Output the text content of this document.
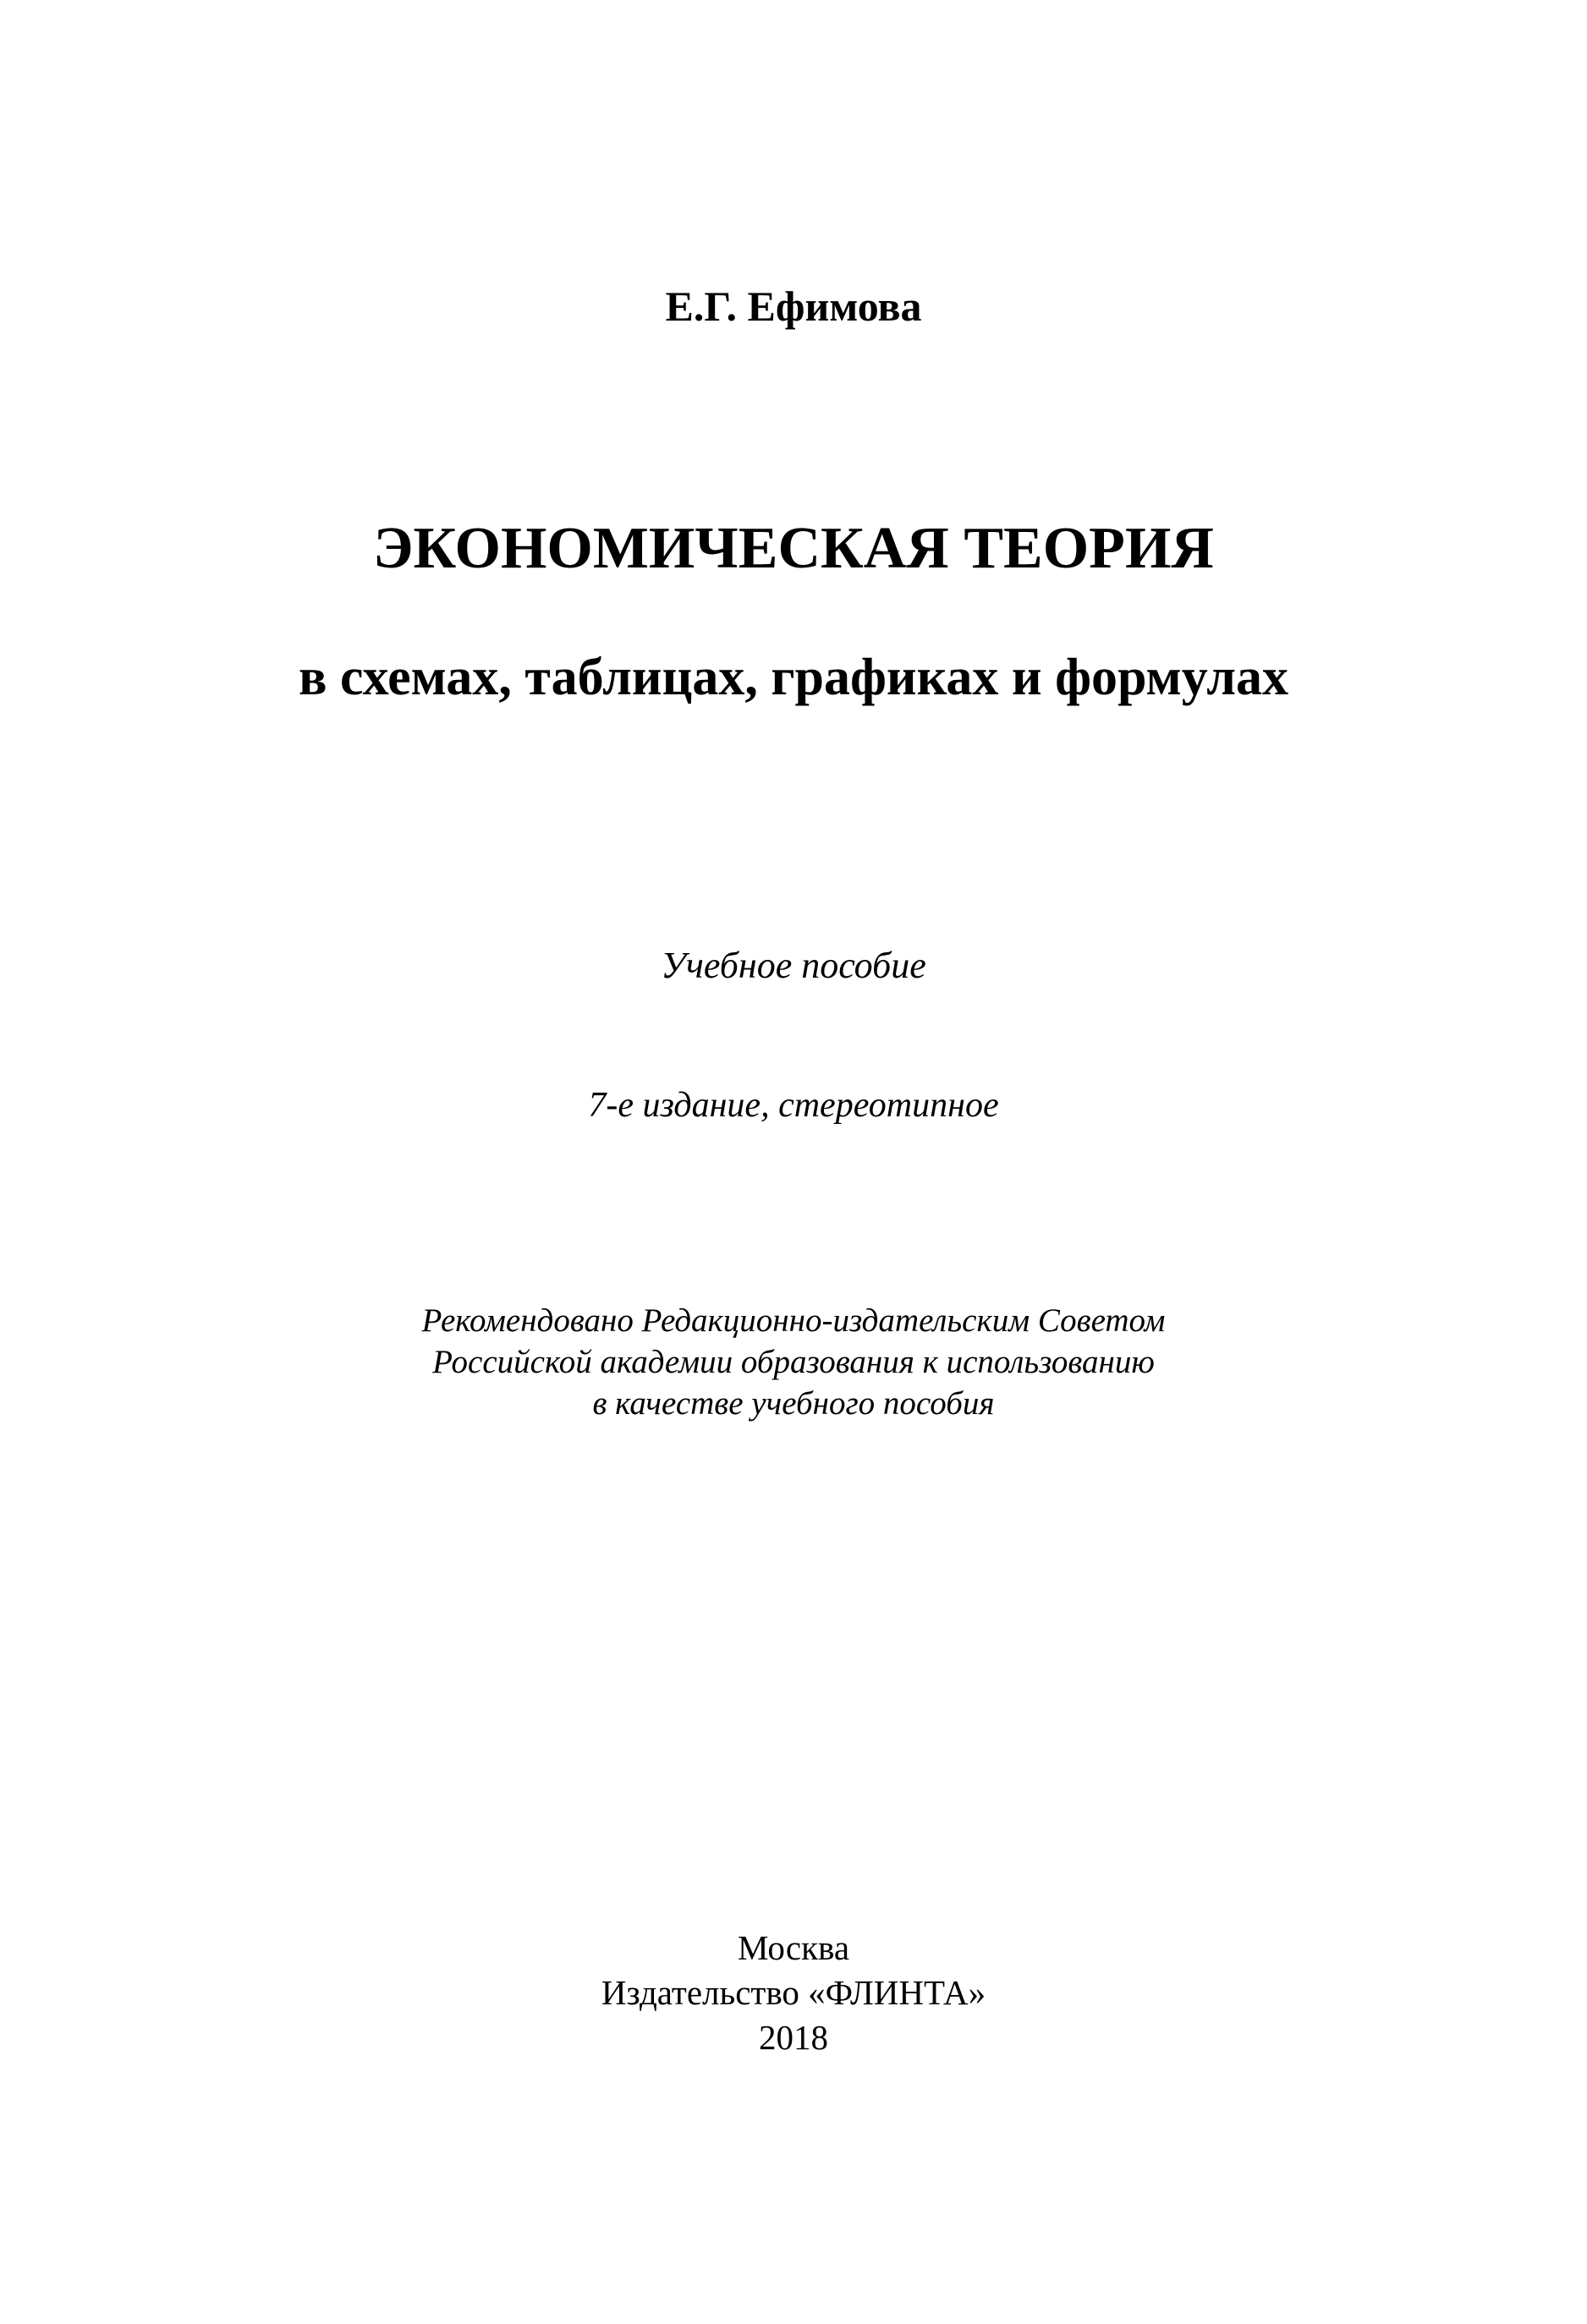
Е.Г. Ефимова
ЭКОНОМИЧЕСКАЯ ТЕОРИЯ
в схемах, таблицах, графиках и формулах
Учебное пособие
7-е издание, стереотипное
Рекомендовано Редакционно-издательским Советом
Российской академии образования к использованию
в качестве учебного пособия
Москва
Издательство «ФЛИНТА»
2018
